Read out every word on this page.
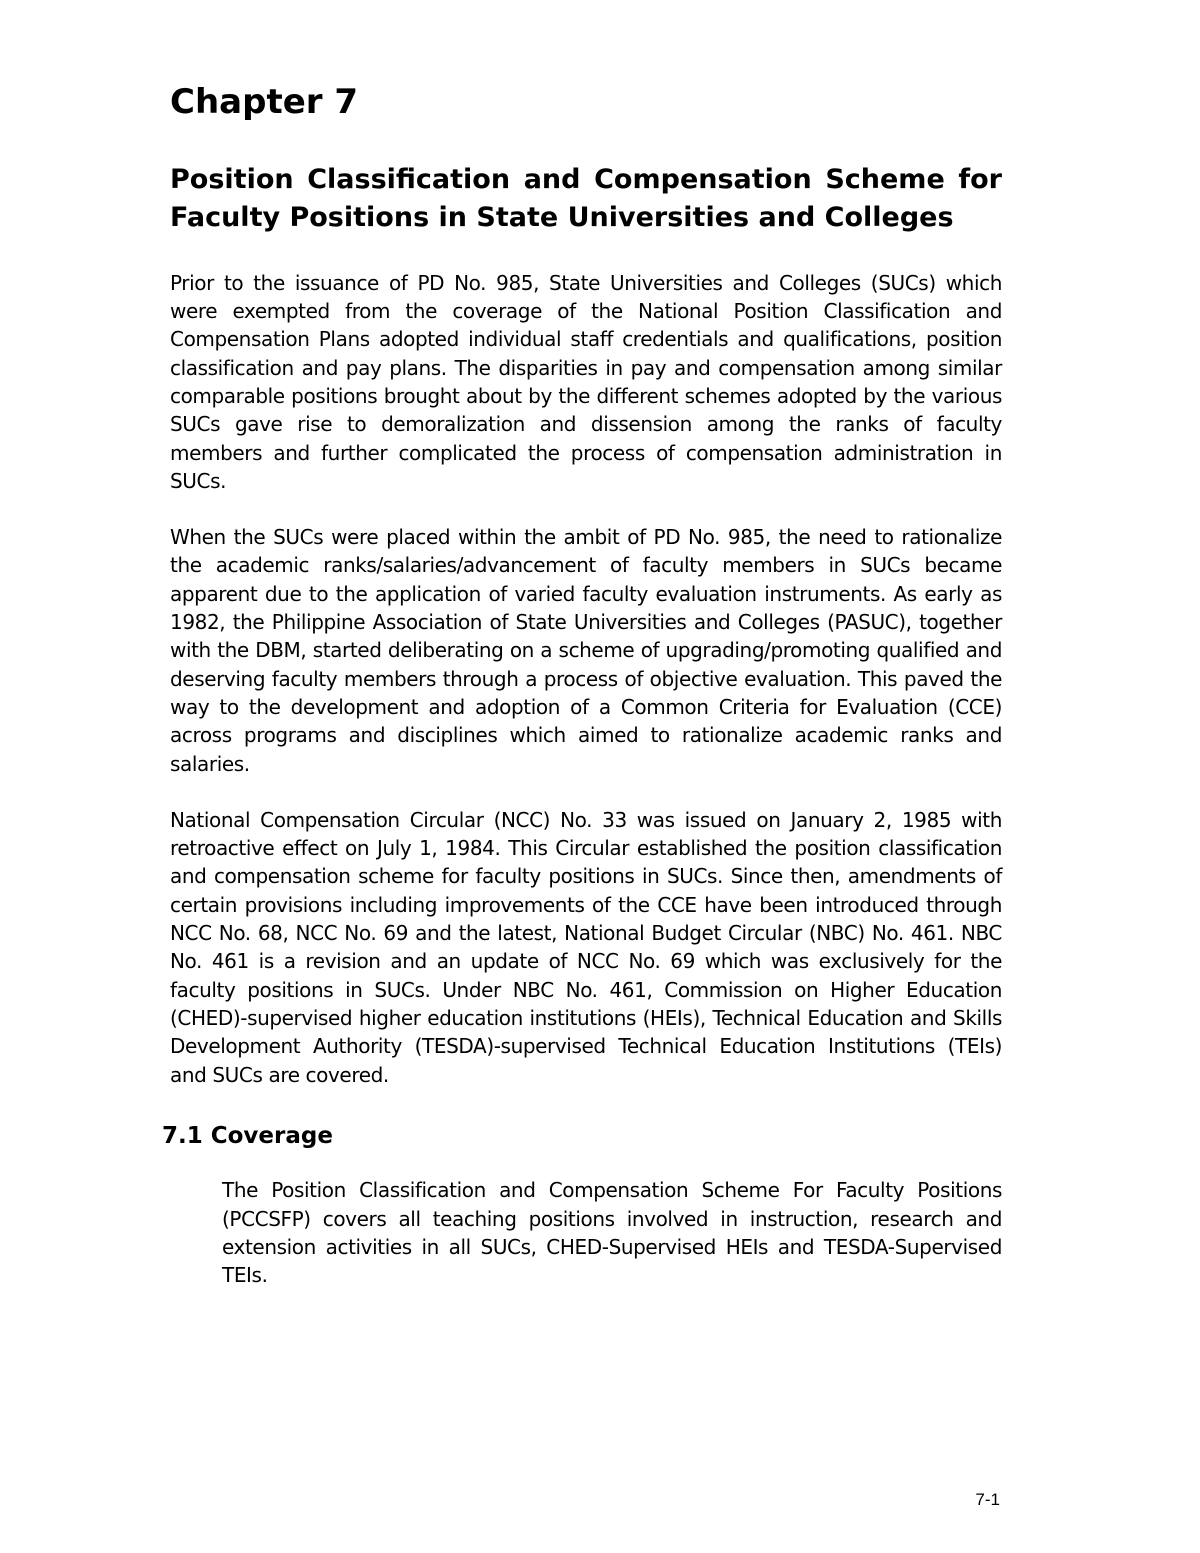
Chapter 7
Position Classification and Compensation Scheme for Faculty Positions in State Universities and Colleges

Prior to the issuance of PD No. 985, State Universities and Colleges (SUCs) which were exempted from the coverage of the National Position Classification and Compensation Plans adopted individual staff credentials and qualifications, position classification and pay plans. The disparities in pay and compensation among similar comparable positions brought about by the different schemes adopted by the various SUCs gave rise to demoralization and dissension among the ranks of faculty members and further complicated the process of compensation administration in SUCs.

When the SUCs were placed within the ambit of PD No. 985, the need to rationalize the academic ranks/salaries/advancement of faculty members in SUCs became apparent due to the application of varied faculty evaluation instruments. As early as 1982, the Philippine Association of State Universities and Colleges (PASUC), together with the DBM, started deliberating on a scheme of upgrading/promoting qualified and deserving faculty members through a process of objective evaluation. This paved the way to the development and adoption of a Common Criteria for Evaluation (CCE) across programs and disciplines which aimed to rationalize academic ranks and salaries.

National Compensation Circular (NCC) No. 33 was issued on January 2, 1985 with retroactive effect on July 1, 1984. This Circular established the position classification and compensation scheme for faculty positions in SUCs. Since then, amendments of certain provisions including improvements of the CCE have been introduced through NCC No. 68, NCC No. 69 and the latest, National Budget Circular (NBC) No. 461. NBC No. 461 is a revision and an update of NCC No. 69 which was exclusively for the faculty positions in SUCs. Under NBC No. 461, Commission on Higher Education (CHED)-supervised higher education institutions (HEIs), Technical Education and Skills Development Authority (TESDA)-supervised Technical Education Institutions (TEIs) and SUCs are covered.

7.1 Coverage

The Position Classification and Compensation Scheme For Faculty Positions (PCCSFP) covers all teaching positions involved in instruction, research and extension activities in all SUCs, CHED-Supervised HEIs and TESDA-Supervised TEIs.

7-1
